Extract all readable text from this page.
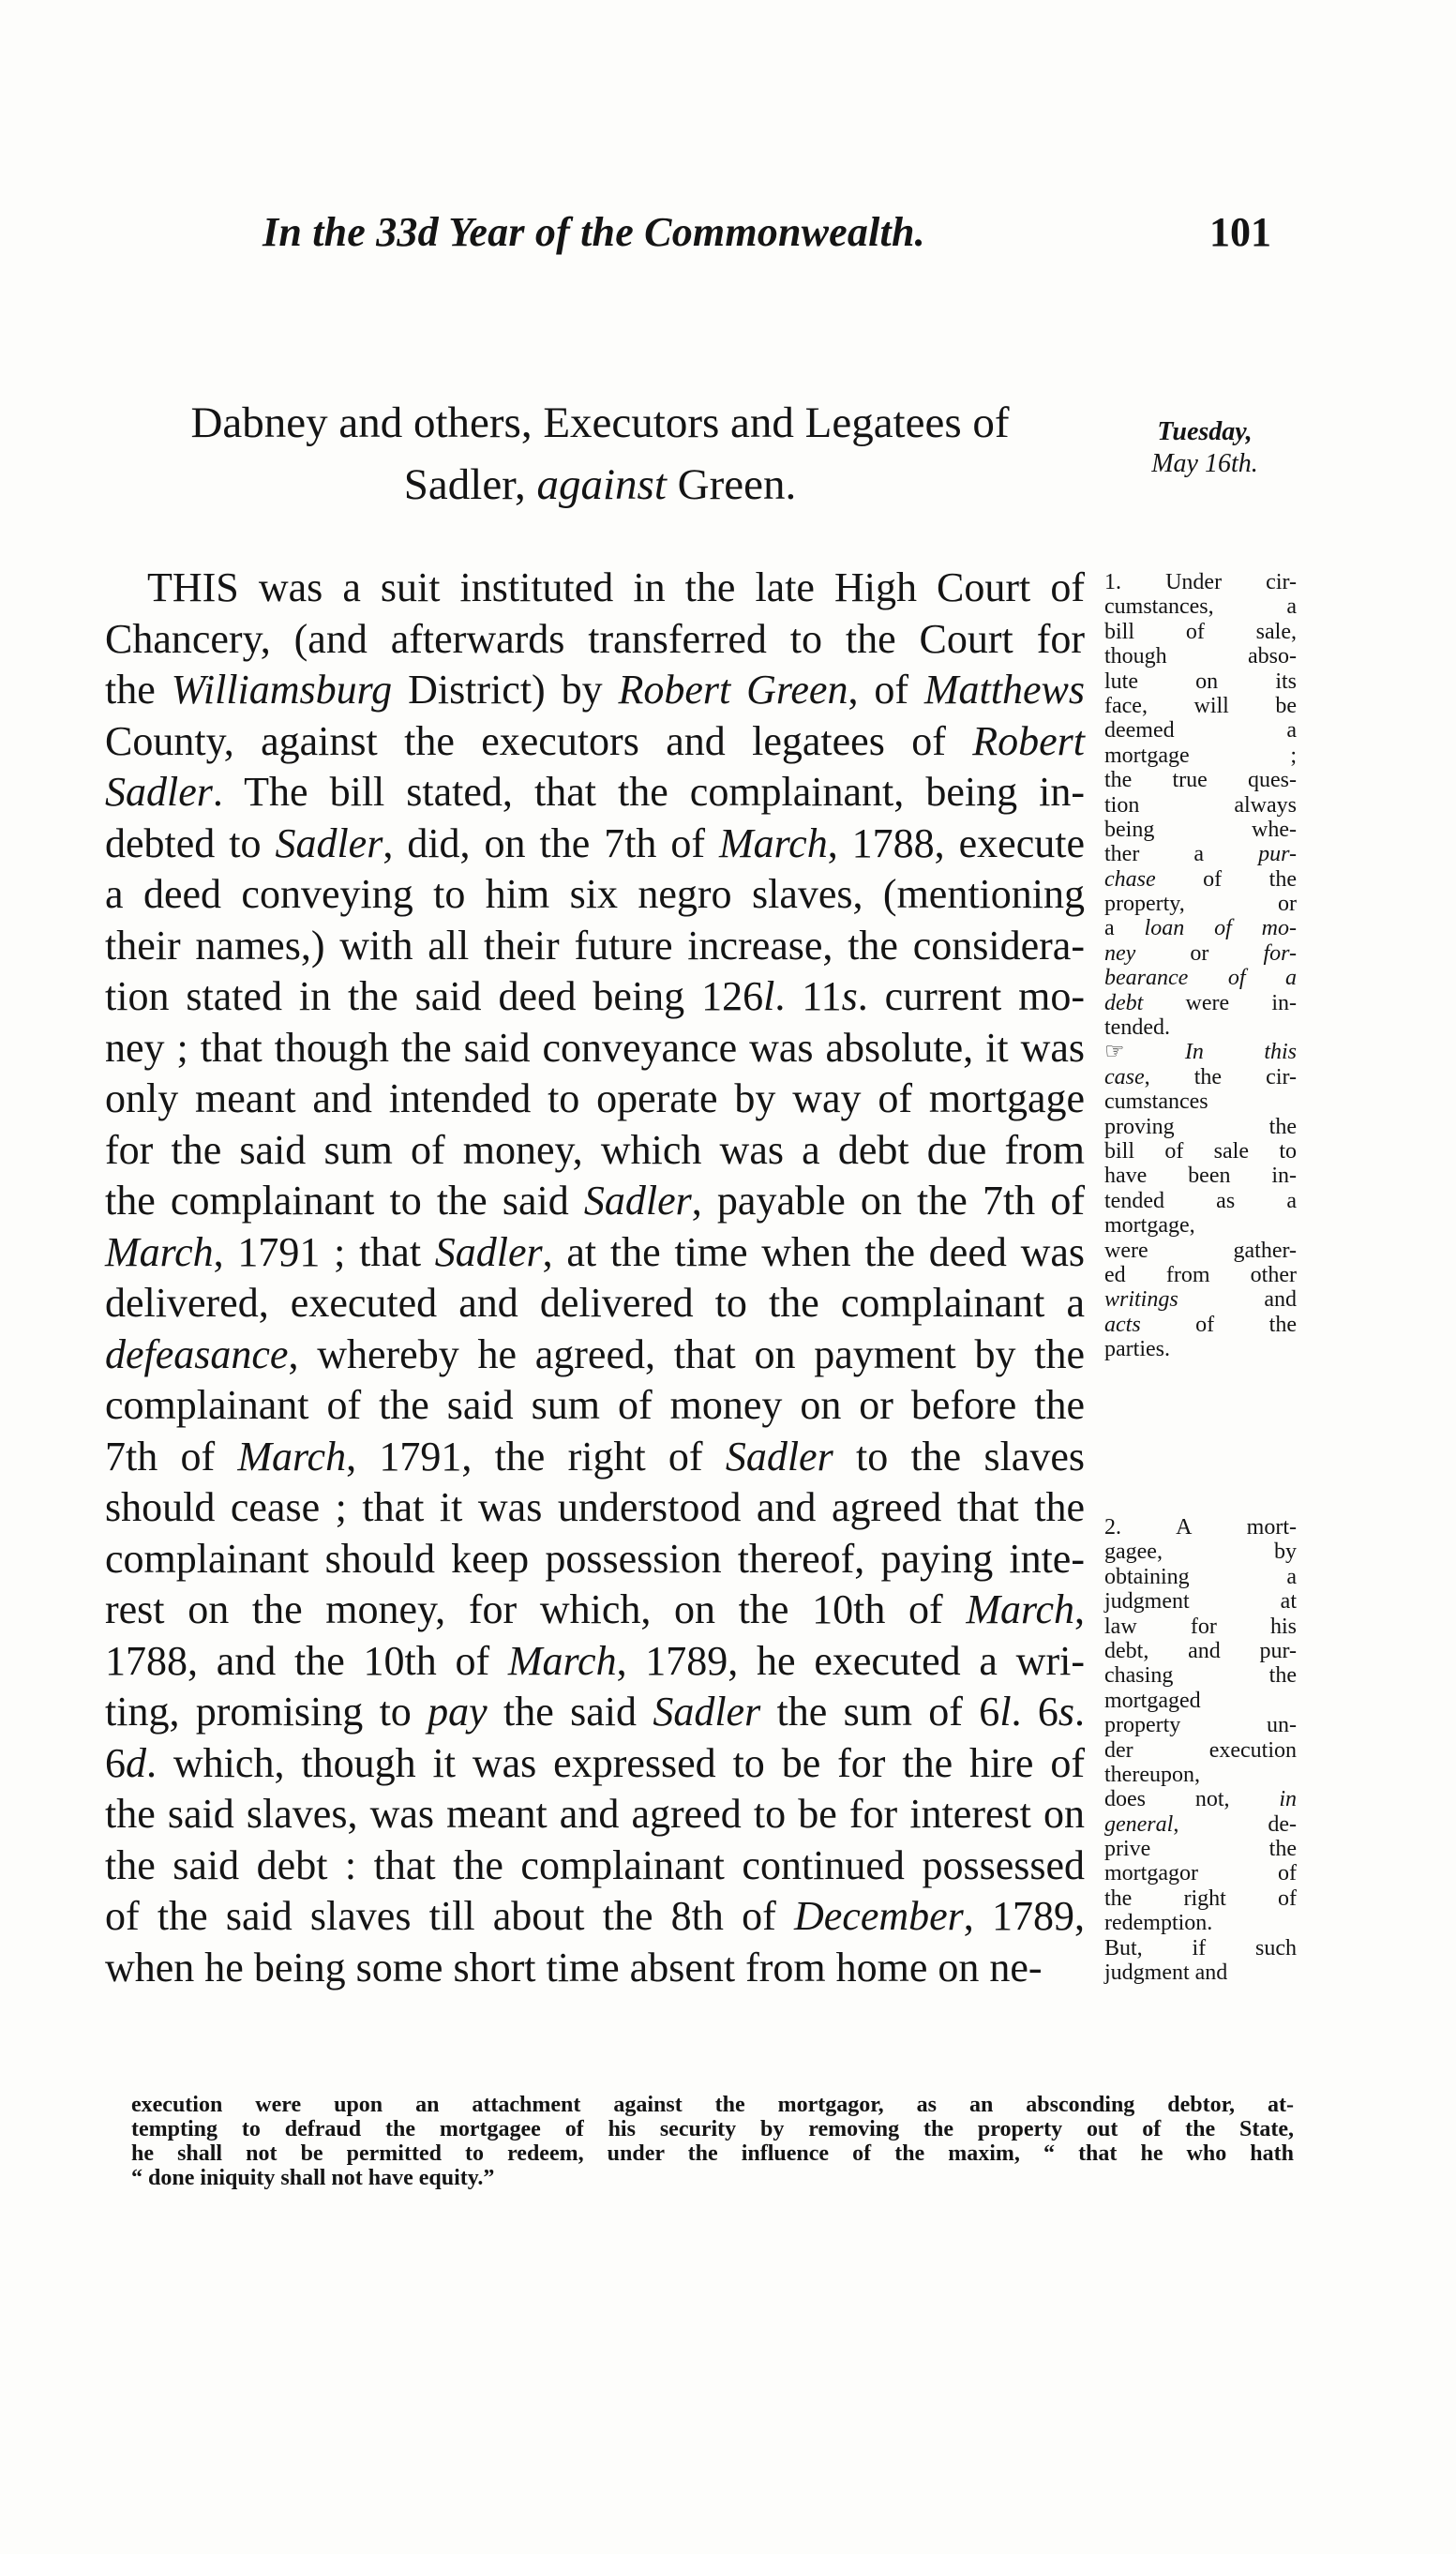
In the 33d Year of the Commonwealth.	101
Dabney and others, Executors and Legatees of
Sadler, against Green.
Tuesday,
May 16th.
THIS was a suit instituted in the late High Court of
Chancery, (and afterwards transferred to the Court for
the Williamsburg District) by Robert Green, of Matthews
County, against the executors and legatees of Robert
Sadler. The bill stated, that the complainant, being in-
debted to Sadler, did, on the 7th of March, 1788, execute
a deed conveying to him six negro slaves, (mentioning
their names,) with all their future increase, the considera-
tion stated in the said deed being 126l. 11s. current mo-
ney ; that though the said conveyance was absolute, it was
only meant and intended to operate by way of mortgage
for the said sum of money, which was a debt due from
the complainant to the said Sadler, payable on the 7th of
March, 1791 ; that Sadler, at the time when the deed was
delivered, executed and delivered to the complainant a
defeasance, whereby he agreed, that on payment by the
complainant of the said sum of money on or before the
7th of March, 1791, the right of Sadler to the slaves
should cease ; that it was understood and agreed that the
complainant should keep possession thereof, paying inte-
rest on the money, for which, on the 10th of March,
1788, and the 10th of March, 1789, he executed a wri-
ting, promising to pay the said Sadler the sum of 6l. 6s.
6d. which, though it was expressed to be for the hire of
the said slaves, was meant and agreed to be for interest on
the said debt : that the complainant continued possessed
of the said slaves till about the 8th of December, 1789,
when he being some short time absent from home on ne-
1. Under cir-
cumstances, a
bill of sale,
though abso-
lute on its
face, will be
deemed a
mortgage ;
the true ques-
tion always
being whe-
ther a pur-
chase of the
property, or
a loan of mo-
ney or for-
bearance of a
debt were in-
tended.
☞ In this
case, the cir-
cumstances
proving the
bill of sale to
have been in-
tended as a
mortgage,
were gather-
ed from other
writings and
acts of the
parties.
2. A mort-
gagee, by
obtaining a
judgment at
law for his
debt, and pur-
chasing the
mortgaged
property un-
der execution
thereupon,
does not, in
general, de-
prive the
mortgagor of
the right of
redemption.
But, if such
judgment and
execution were upon an attachment against the mortgagor, as an absconding debtor, at-
tempting to defraud the mortgagee of his security by removing the property out of the State,
he shall not be permitted to redeem, under the influence of the maxim, “ that he who hath
“ done iniquity shall not have equity.”
